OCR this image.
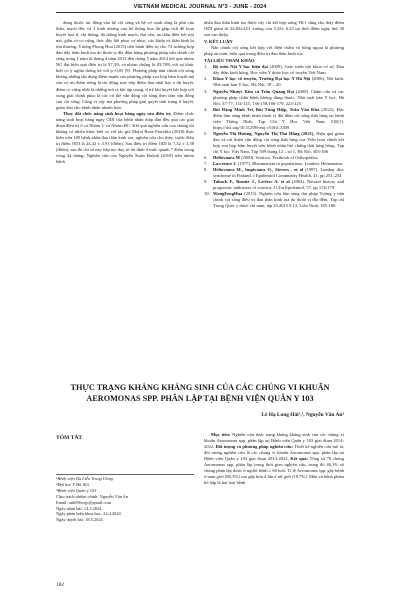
VIETNAM MEDICAL JOURNAL N°3 - JUNE - 2024

dùng thuốc tác động vào hệ cột sống và hệ cơ cạnh sống là phù của thần, mạch đốc và 3 kinh dương của hệ thống hoa đà giáp tích để hoạt huyết hoá ứ, chỉ thống, đả thông kinh mạch, thư cân, an thần điều tiết nội mô, giãn cơ co cứng, thúc đẩy hồi phục cơ nhục, các khớp và thần kinh bị tổn thương. Vương Phong Hoa (2015) tiến hành điều trị cho 74 trường hợp đau dây thần kinh tọa do thoát vị đĩa đệm bằng phương pháp nắn chỉnh cột sống trong 1 năm từ tháng 4 năm 2013 đến tháng 5 năm 2014 kết quả nhóm NC đạt hiệu quả điều trị là 97,3% và nhóm chứng là 83,78% với sự khác biệt có ý nghĩa thống kê với p<0,05 [9]. Phương pháp nắn chỉnh cột sống không những tận dụng điểm mạnh của phương pháp xoa bóp bấm huyệt mà còn có ưu điểm riêng là tác động trực tiếp điểm đau nhất hay a thị huyệt, điểm co cứng nhất là những nơi tà khí tập trung, ứ trệ khí huyết kết hợp với xung giải chính phục là các cử thể vận động cột sống theo tầm vận động của cột sống. Cũng vì vậy mà phương pháp giải quyết tình trạng ứ huyết, giảm đau cho bệnh nhân nhanh hơn.

Thay đổi chức năng sinh hoạt hàng ngày sau điều trị. Điểm chức năng sinh hoạt hàng ngày ODI của bệnh nhân thấp dần đều qua các giai đoạn điều trị ở cả Nhóm C và Nhóm ĐC. Kết quả nghiên cứu của chúng tôi không có nhiều khác biệt so với tác giả Majid Reza Farrokhi (2018) thực hiện trên 100 bệnh nhân đau thần kinh tọa, nghiên cứu cho thấy: trước điều trị điểm ODI là 24,42 ± 4,91 (điểm). Sau điều trị điểm ODI là 7,32 ± 3,58 (điểm), sau đó chỉ số này tiếp tục duy trì ổn định ở mức quanh 7 điểm trong vòng 24 tháng; Nghiên cứu của Nguyễn Xuân Huỳnh (2018) trên nhóm bệnh

nhân đau thần kinh tọa được cấy chỉ kết hợp uống TK1 cũng cho thấy điểm ODI giảm từ 24,83±4,01 xuống còn 5,43± 6,23 tại thời điểm ngày thứ 30 sau can thiệp.

V. KẾT LUẬN

Nắn chỉnh cột sống kết hợp với điện châm và hồng ngoại là phương pháp an toàn, hiệu quả trong điều trị đau thần kinh tọa.

TÀI LIỆU THAM KHẢO
1. Bộ môn Nội Y học hiện đại (2009), Giáo trình nội khoa cơ sở, Đau dây thần kinh hông, Học viện Y dược học cổ truyền Việt Nam.
2. Khoa Y học cổ truyền, Trường Đại học Y Hà Nội (2006), Nội kinh, Nhà xuất bản Y học, Hà Nội, 18 – 20.
3. Nguyễn Nhược Kim và Trần Quang Đạt (2008). Châm cứu và các phương pháp chữa bệnh không dùng thuốc. Nhà xuất bản Y học, Hà Nội, 37-77, 114-115, 136-158,166-179, 223-225.
4. Bùi Đặng Minh Trí, Bùi Tùng Hiệp, Trần Văn Kha (2022), Đặc điểm lâm sàng bệnh nhân thoát vị đĩa đệm cột sống thắt lưng tại bệnh viện Thống Nhất, Tạp Chí Y Học Việt Nam, 518(1). https://doi.org/10.51298/vmj.v518i1.3309
5. Nguyễn Thị Hương, Nguyễn Thị Thu Hằng (2021), Hiệu quả giảm đau và cải thiện vận động cột sống thắt lưng của Viện hoạt chính kết hợp xoa bóp bấm huyệt trên bệnh nhân hội chứng thắt lưng hông, Tạp chí Y học Việt Nam, Tập 509 tháng 12 – số 1, Hà Nội, 303-306
6. Heliövaara M (2000). Sciatica. Textbook of Orthopedics.
7. Lawrence J. (1977). Rheumatism in populations, London: Heinemann.
8. Heliovaara M., Impivaara O., Sievers . et al (1987). Lumbar disc syndrome in Finland, J Epidemiol Community Health, 41, pp 251–254
9. Tubach F., Beaute J., Leclerc A. et al (2004). Natural history and prognostic indicators of sciatica, J Clin Epidemiol, 57, pp 174-179.
10. WangFengHua (2015). Nghiên cứu lâm sàng thủ pháp Tương y nắn chỉnh cột sống điều trị đau thần kinh tọa do thoát vị đĩa đệm, Tạp chí Trung Quốc y dược chí nam, tập 25,2015.9.13, Liêu Ninh, 185-186
THỰC TRẠNG KHÁNG KHÁNG SINH CỦA CÁC CHỦNG VI KHUẨN AEROMONAS SPP. PHÂN LẬP TẠI BỆNH VIỆN QUÂN Y 103
Lê Hạ Long Hải¹,², Nguyễn Văn An³
TÓM TẮT
¹Bệnh viện Da Liễu Trung Ương
²Đại học Y Hà Nội
³Bệnh viện Quân y 103
Chịu trách nhiệm chính: Nguyễn Văn An
Email: anh59hvqy@gmail.com
Ngày nhận bài: 14.3.2024
Ngày phản biện khoa học: 24.4.2024
Ngày duyệt bài: 18.5.2024

Mục tiêu: Nghiên cứu thực trạng kháng kháng sinh của các chủng vi khuẩn Aeromonas spp. phân lập tại Bệnh viện Quân y 103 giai đoạn 2014-2022. Đối tượng và phương pháp nghiên cứu: Thiết kế nghiên cứu mô tả, đối tượng nghiên cứu là các chủng vi khuẩn Aeromonas spp. phân lập tại Bệnh viện Quân y 103 giai đoạn 2014-2022. Kết quả: Tổng số 76 chủng Aeromonas spp. phân lập trong thời gian nghiên cứu, trong đó 46,1% số chủng phân lập được ở người bệnh ≥ 60 tuổi. Tỉ lệ Aeromonas spp. gây bệnh ở nam giới (80,3%) cao gấp hơn 4 lần ở nữ giới (19,7%). Máu và bệnh phẩm hô hấp là hai loại bệnh

182
